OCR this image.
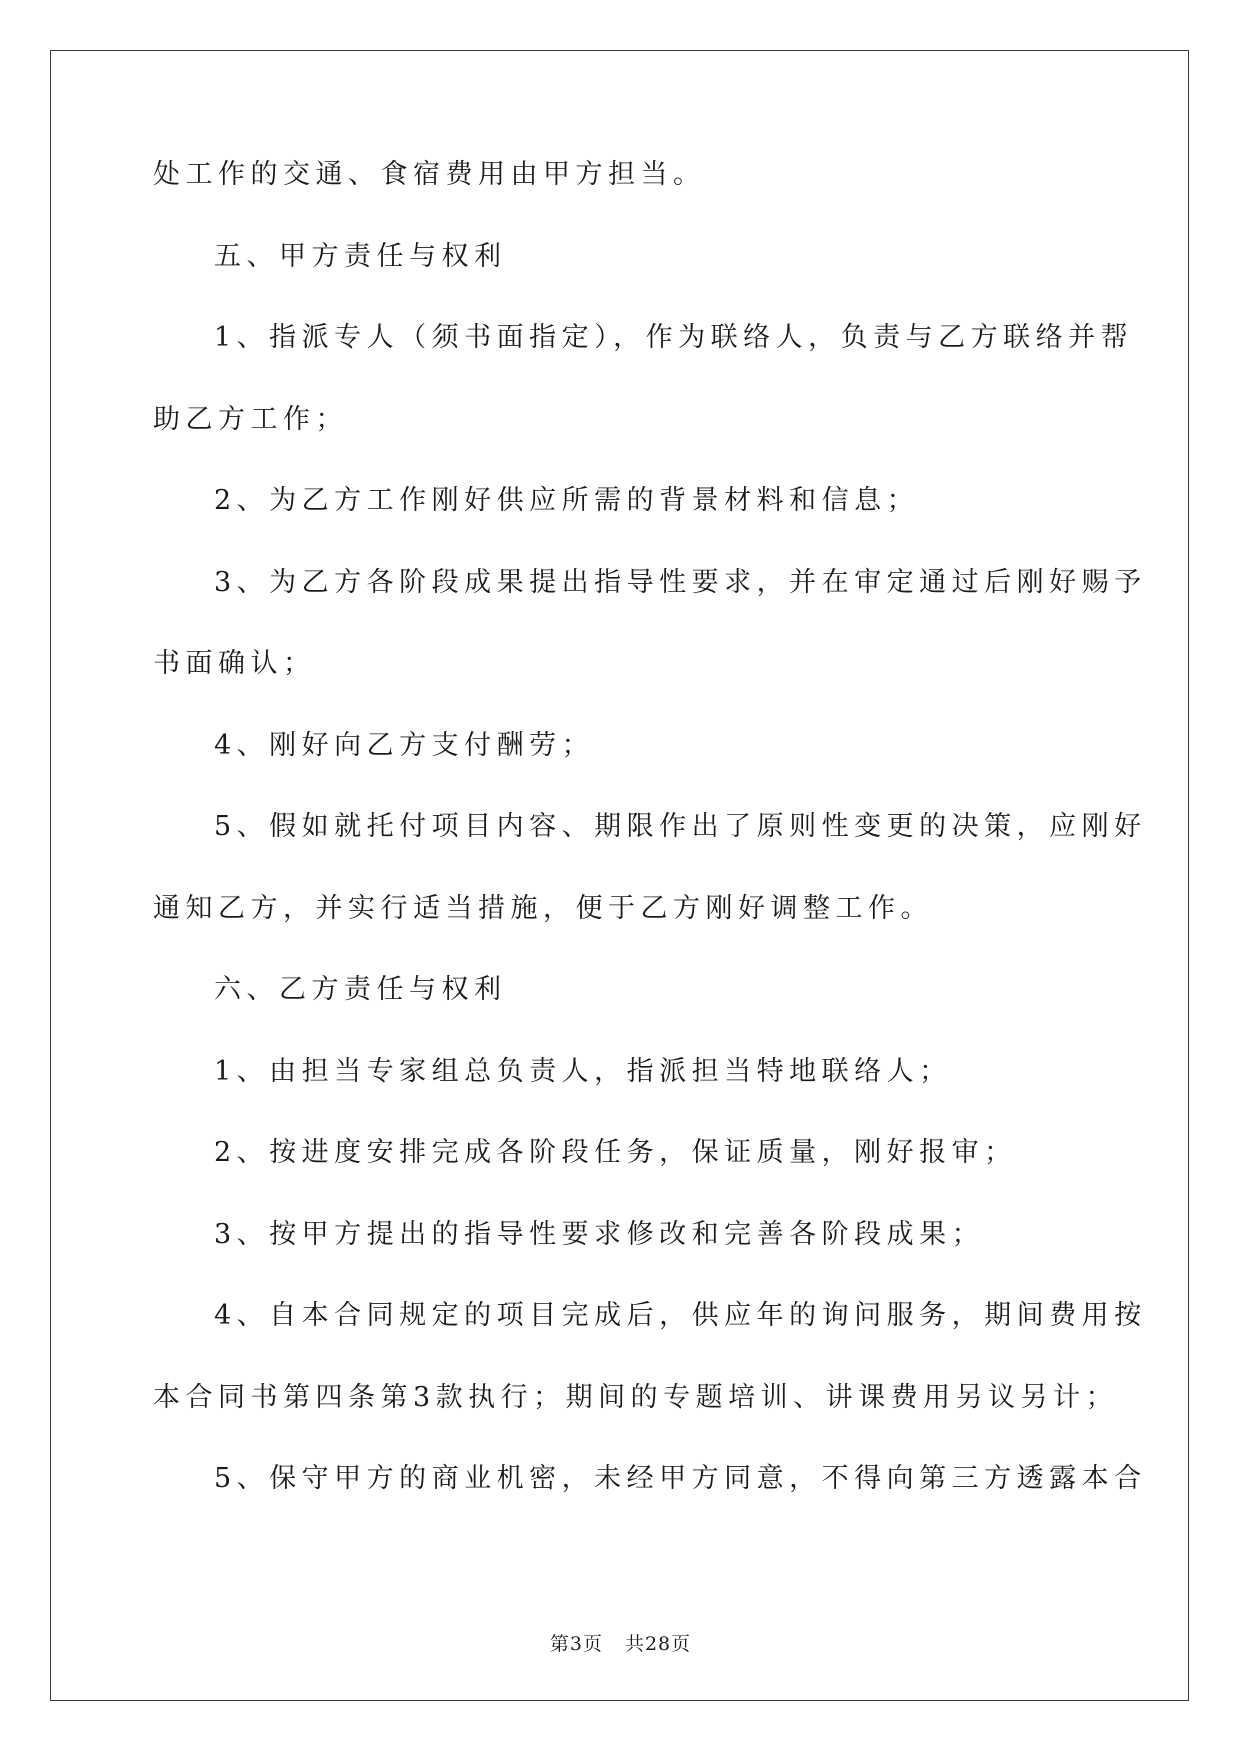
处工作的交通、食宿费用由甲方担当。
五、甲方责任与权利
1、指派专人（须书面指定），作为联络人，负责与乙方联络并帮
助乙方工作；
2、为乙方工作刚好供应所需的背景材料和信息；
3、为乙方各阶段成果提出指导性要求，并在审定通过后刚好赐予
书面确认；
4、刚好向乙方支付酬劳；
5、假如就托付项目内容、期限作出了原则性变更的决策，应刚好
通知乙方，并实行适当措施，便于乙方刚好调整工作。
六、乙方责任与权利
1、由担当专家组总负责人，指派担当特地联络人；
2、按进度安排完成各阶段任务，保证质量，刚好报审；
3、按甲方提出的指导性要求修改和完善各阶段成果；
4、自本合同规定的项目完成后，供应年的询问服务，期间费用按
本合同书第四条第3款执行；期间的专题培训、讲课费用另议另计；
5、保守甲方的商业机密，未经甲方同意，不得向第三方透露本合
第3页 共28页
